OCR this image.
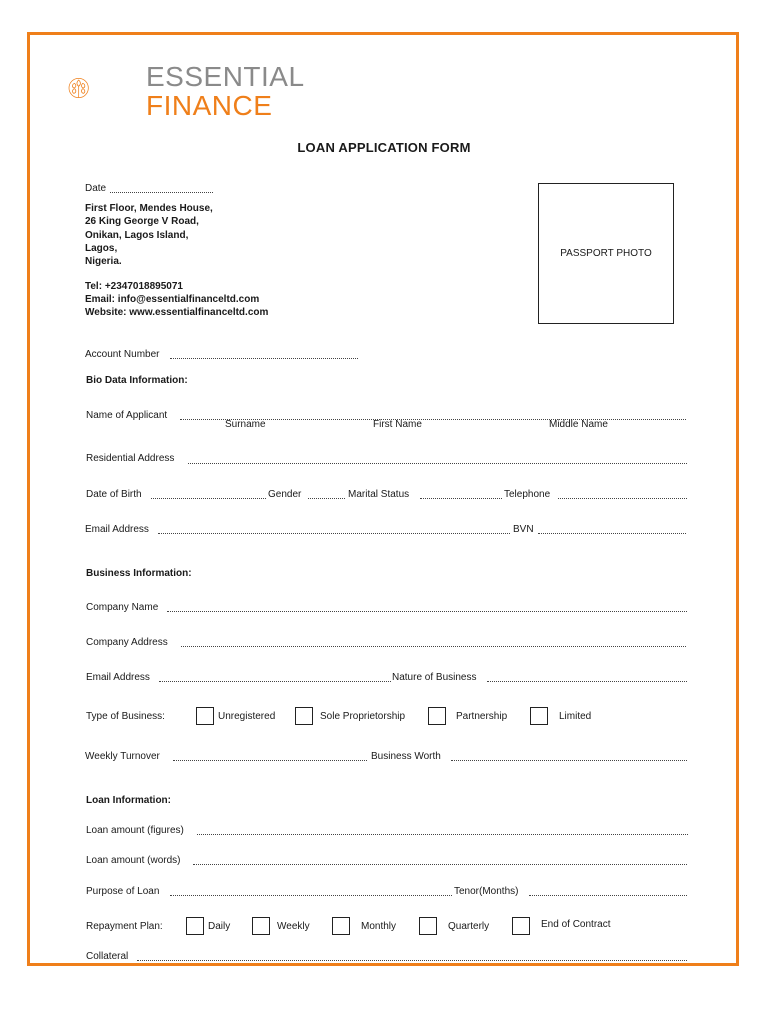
ESSENTIAL
FINANCE
LOAN APPLICATION FORM
Date
First Floor, Mendes House,
26 King George V Road,
Onikan, Lagos Island,
Lagos,
Nigeria.
Tel: +2347018895071
Email: info@essentialfinanceltd.com
Website: www.essentialfinanceltd.com
PASSPORT PHOTO
Account Number
Bio Data Information:
Name of Applicant
Surname	First Name	Middle Name
Residential Address
Date of Birth	Gender	Marital Status	Telephone
Email Address	BVN
Business Information:
Company Name
Company Address
Email Address	Nature of Business
Type of Business:	Unregistered	Sole Proprietorship	Partnership	Limited
Weekly Turnover	Business Worth
Loan Information:
Loan amount (figures)
Loan amount (words)
Purpose of Loan	Tenor(Months)
Repayment Plan:	Daily	Weekly	Monthly	Quarterly	End of Contract
Collateral
